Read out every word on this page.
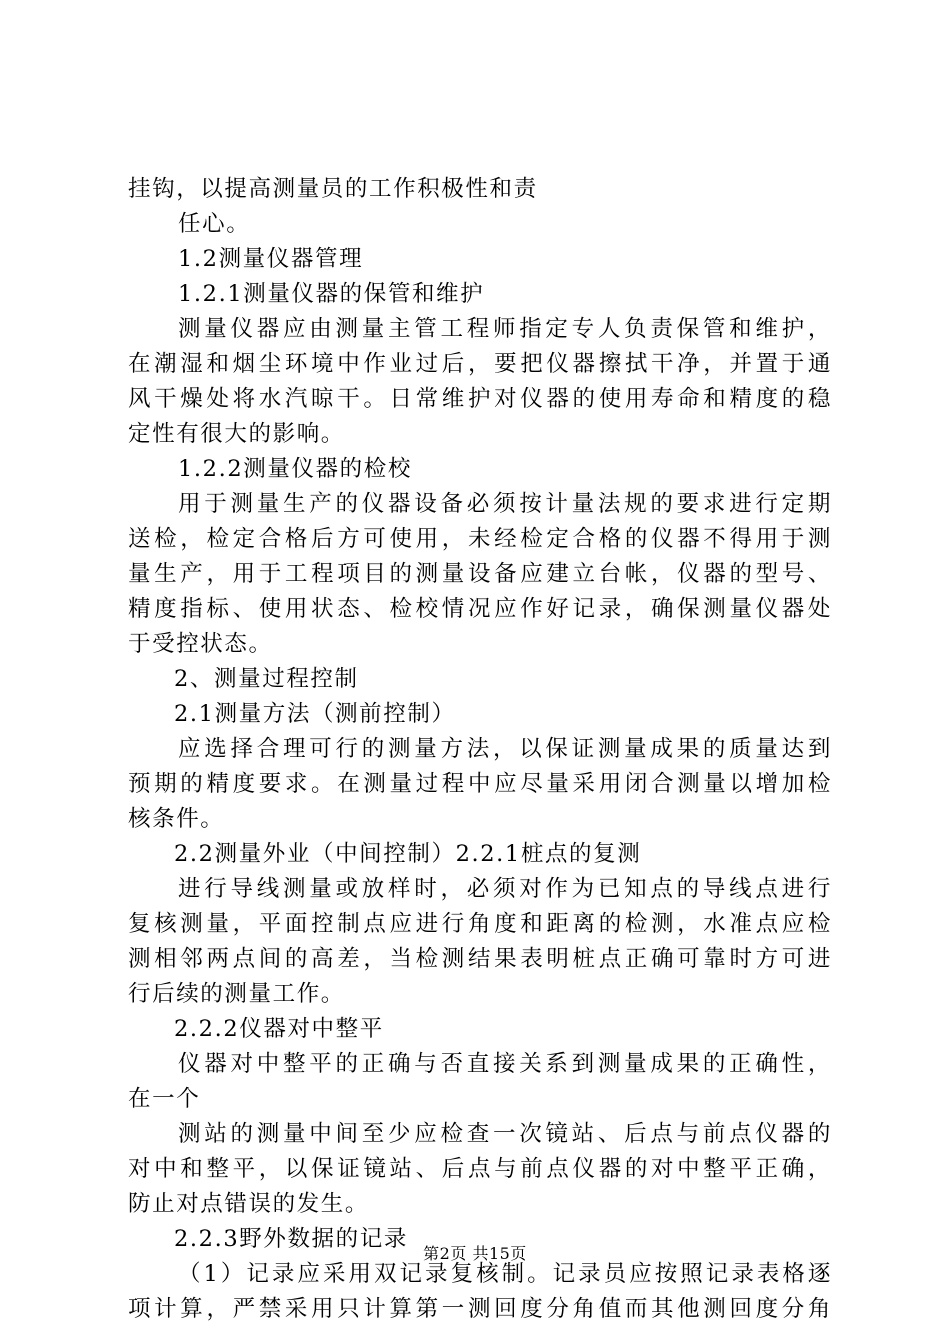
挂钩，以提高测量员的工作积极性和责
任心。
1.2测量仪器管理
1.2.1测量仪器的保管和维护
测量仪器应由测量主管工程师指定专人负责保管和维护，
在潮湿和烟尘环境中作业过后，要把仪器擦拭干净，并置于通
风干燥处将水汽晾干。日常维护对仪器的使用寿命和精度的稳
定性有很大的影响。
1.2.2测量仪器的检校
用于测量生产的仪器设备必须按计量法规的要求进行定期
送检，检定合格后方可使用，未经检定合格的仪器不得用于测
量生产，用于工程项目的测量设备应建立台帐，仪器的型号、
精度指标、使用状态、检校情况应作好记录，确保测量仪器处
于受控状态。
2、测量过程控制
2.1测量方法（测前控制）
应选择合理可行的测量方法，以保证测量成果的质量达到
预期的精度要求。在测量过程中应尽量采用闭合测量以增加检
核条件。
2.2测量外业（中间控制）2.2.1桩点的复测
进行导线测量或放样时，必须对作为已知点的导线点进行
复核测量，平面控制点应进行角度和距离的检测，水准点应检
测相邻两点间的高差，当检测结果表明桩点正确可靠时方可进
行后续的测量工作。
2.2.2仪器对中整平
仪器对中整平的正确与否直接关系到测量成果的正确性，
在一个
测站的测量中间至少应检查一次镜站、后点与前点仪器的
对中和整平，以保证镜站、后点与前点仪器的对中整平正确，
防止对点错误的发生。
2.2.3野外数据的记录
（1）记录应采用双记录复核制。记录员应按照记录表格逐
项计算，严禁采用只计算第一测回度分角值而其他测回度分角
第2页 共15页
